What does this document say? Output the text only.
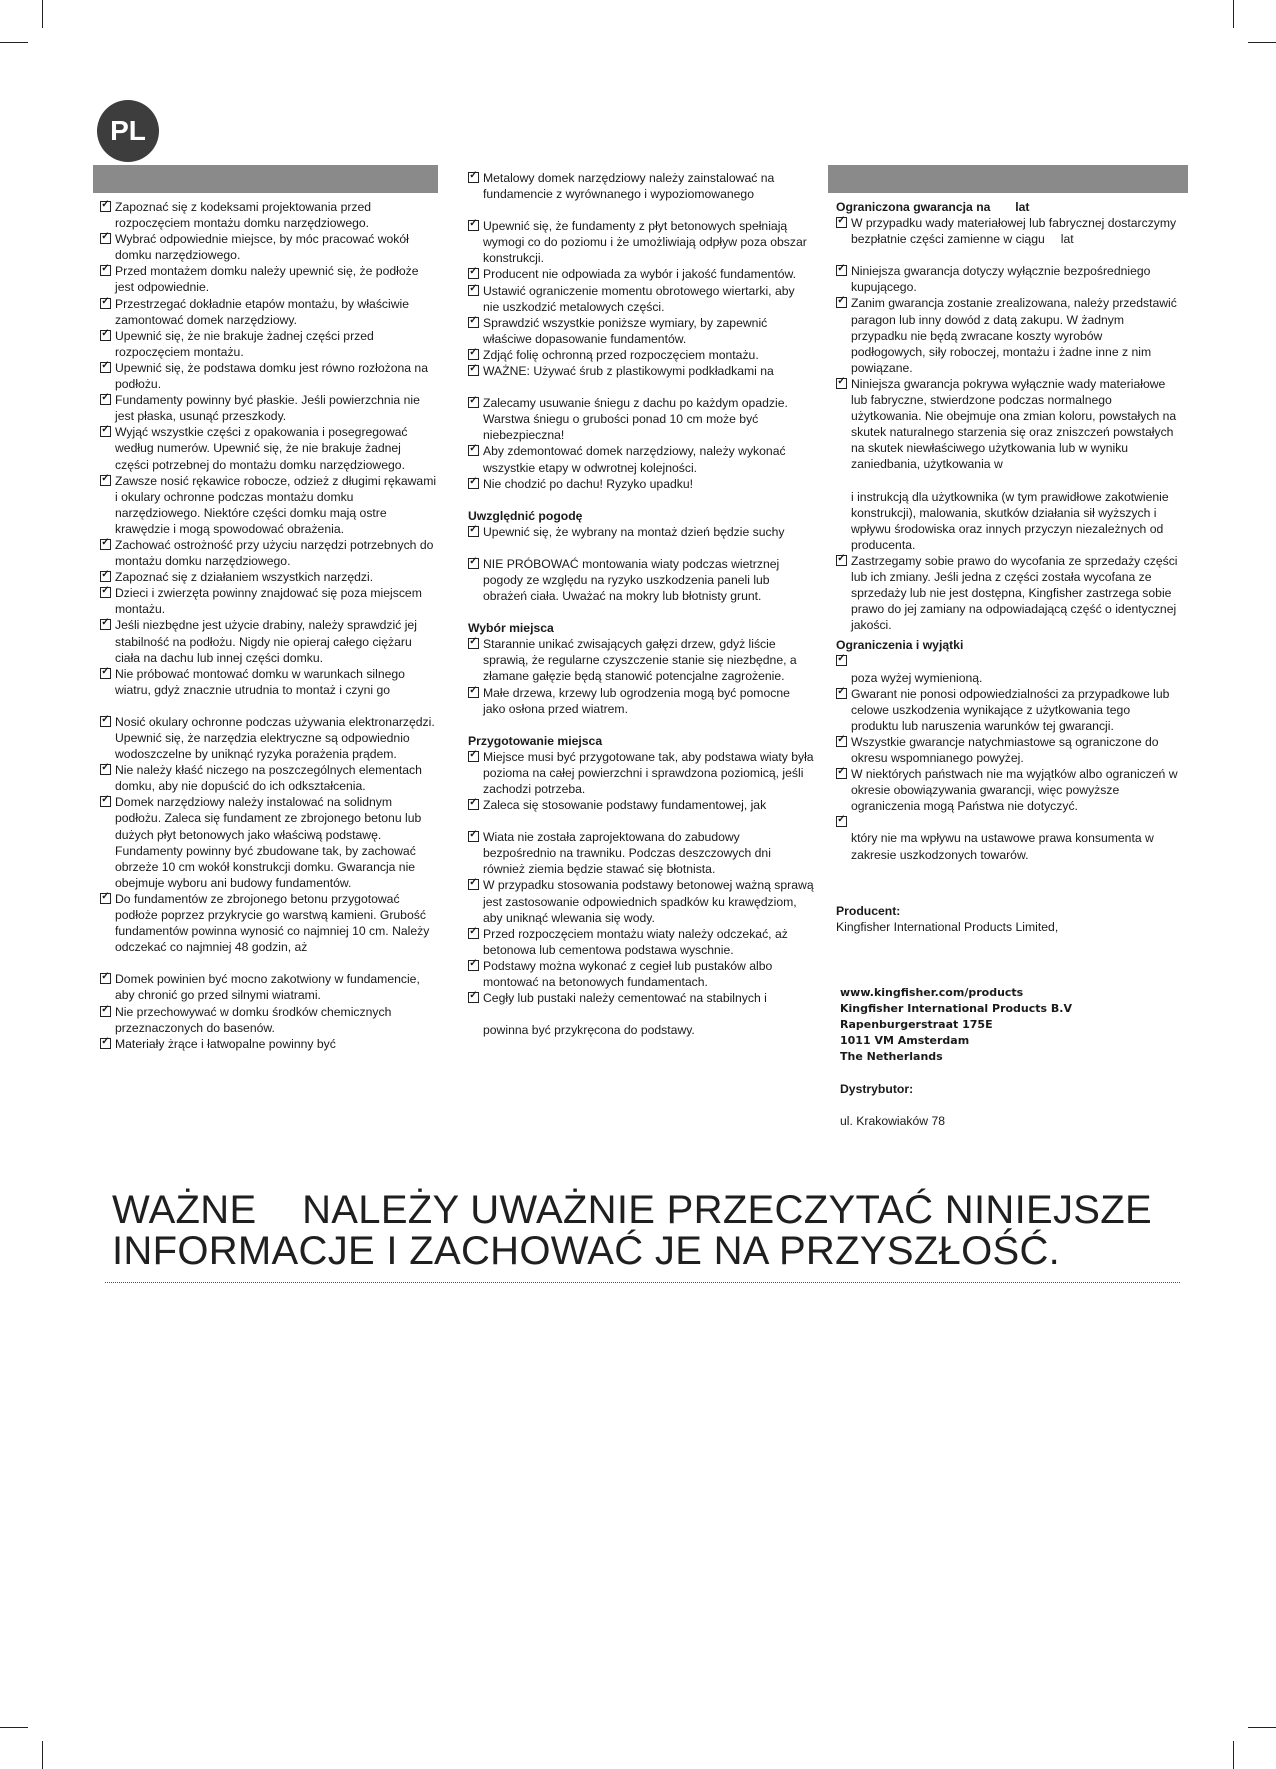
PL
✓
Zapoznać się z kodeksami projektowania przed rozpoczęciem montażu domku narzędziowego.
✓
Wybrać odpowiednie miejsce, by móc pracować wokół domku narzędziowego.
✓
Przed montażem domku należy upewnić się, że podłoże jest odpowiednie.
✓
Przestrzegać dokładnie etapów montażu, by właściwie zamontować domek narzędziowy.
✓
Upewnić się, że nie brakuje żadnej części przed rozpoczęciem montażu.
✓
Upewnić się, że podstawa domku jest równo rozłożona na podłożu.
✓
Fundamenty powinny być płaskie. Jeśli powierzchnia nie jest płaska, usunąć przeszkody.
✓
Wyjąć wszystkie części z opakowania i posegregować według numerów. Upewnić się, że nie brakuje żadnej części potrzebnej do montażu domku narzędziowego.
✓
Zawsze nosić rękawice robocze, odzież z długimi rękawami i okulary ochronne podczas montażu domku narzędziowego. Niektóre części domku mają ostre krawędzie i mogą spowodować obrażenia.
✓
Zachować ostrożność przy użyciu narzędzi potrzebnych do montażu domku narzędziowego.
✓
Zapoznać się z działaniem wszystkich narzędzi.
✓
Dzieci i zwierzęta powinny znajdować się poza miejscem montażu.
✓
Jeśli niezbędne jest użycie drabiny, należy sprawdzić jej stabilność na podłożu. Nigdy nie opieraj całego ciężaru ciała na dachu lub innej części domku.
✓
Nie próbować montować domku w warunkach silnego wiatru, gdyż znacznie utrudnia to montaż i czyni go
✓
Nosić okulary ochronne podczas używania elektronarzędzi. Upewnić się, że narzędzia elektryczne są odpowiednio wodoszczelne by uniknąć ryzyka porażenia prądem.
✓
Nie należy kłaść niczego na poszczególnych elementach domku, aby nie dopuścić do ich odkształcenia.
✓
Domek narzędziowy należy instalować na solidnym podłożu. Zaleca się fundament ze zbrojonego betonu lub dużych płyt betonowych jako właściwą podstawę. Fundamenty powinny być zbudowane tak, by zachować obrzeże 10 cm wokół konstrukcji domku. Gwarancja nie obejmuje wyboru ani budowy fundamentów.
✓
Do fundamentów ze zbrojonego betonu przygotować podłoże poprzez przykrycie go warstwą kamieni. Grubość fundamentów powinna wynosić co najmniej 10 cm. Należy odczekać co najmniej 48 godzin, aż
✓
Domek powinien być mocno zakotwiony w fundamencie, aby chronić go przed silnymi wiatrami.
✓
Nie przechowywać w domku środków chemicznych przeznaczonych do basenów.
✓
Materiały żrące i łatwopalne powinny być
✓
Metalowy domek narzędziowy należy zainstalować na fundamencie z wyrównanego i wypoziomowanego
✓
Upewnić się, że fundamenty z płyt betonowych spełniają wymogi co do poziomu i że umożliwiają odpływ poza obszar konstrukcji.
✓
Producent nie odpowiada za wybór i jakość fundamentów.
✓
Ustawić ograniczenie momentu obrotowego wiertarki, aby nie uszkodzić metalowych części.
✓
Sprawdzić wszystkie poniższe wymiary, by zapewnić właściwe dopasowanie fundamentów.
✓
Zdjąć folię ochronną przed rozpoczęciem montażu.
✓
WAŻNE: Używać śrub z plastikowymi podkładkami na
✓
Zalecamy usuwanie śniegu z dachu po każdym opadzie. Warstwa śniegu o grubości ponad 10 cm może być niebezpieczna!
✓
Aby zdemontować domek narzędziowy, należy wykonać wszystkie etapy w odwrotnej kolejności.
✓
Nie chodzić po dachu! Ryzyko upadku!

Uwzględnić pogodę

✓
Upewnić się, że wybrany na montaż dzień będzie suchy
✓
NIE PRÓBOWAĆ montowania wiaty podczas wietrznej pogody ze względu na ryzyko uszkodzenia paneli lub obrażeń ciała. Uważać na mokry lub błotnisty grunt.

Wybór miejsca

✓
Starannie unikać zwisających gałęzi drzew, gdyż liście sprawią, że regularne czyszczenie stanie się niezbędne, a złamane gałęzie będą stanowić potencjalne zagrożenie.
✓
Małe drzewa, krzewy lub ogrodzenia mogą być pomocne jako osłona przed wiatrem.

Przygotowanie miejsca

✓
Miejsce musi być przygotowane tak, aby podstawa wiaty była pozioma na całej powierzchni i sprawdzona poziomicą, jeśli zachodzi potrzeba.
✓
Zaleca się stosowanie podstawy fundamentowej, jak
✓
Wiata nie została zaprojektowana do zabudowy bezpośrednio na trawniku. Podczas deszczowych dni również ziemia będzie stawać się błotnista.
✓
W przypadku stosowania podstawy betonowej ważną sprawą jest zastosowanie odpowiednich spadków ku krawędziom, aby uniknąć wlewania się wody.
✓
Przed rozpoczęciem montażu wiaty należy odczekać, aż betonowa lub cementowa podstawa wyschnie.
✓
Podstawy można wykonać z cegieł lub pustaków albo montować na betonowych fundamentach.
✓
Cegły lub pustaki należy cementować na stabilnych i

powinna być przykręcona do podstawy.

Ograniczona gwarancja na lat

✓
W przypadku wady materiałowej lub fabrycznej dostarczymy bezpłatnie części zamienne w ciągu lat
✓
Niniejsza gwarancja dotyczy wyłącznie bezpośredniego kupującego.
✓
Zanim gwarancja zostanie zrealizowana, należy przedstawić paragon lub inny dowód z datą zakupu. W żadnym przypadku nie będą zwracane koszty wyrobów podłogowych, siły roboczej, montażu i żadne inne z nim powiązane.
✓
Niniejsza gwarancja pokrywa wyłącznie wady materiałowe lub fabryczne, stwierdzone podczas normalnego użytkowania. Nie obejmuje ona zmian koloru, powstałych na skutek naturalnego starzenia się oraz zniszczeń powstałych na skutek niewłaściwego użytkowania lub w wyniku zaniedbania, użytkowania w

i instrukcją dla użytkownika (w tym prawidłowe zakotwienie konstrukcji), malowania, skutków działania sił wyższych i wpływu środowiska oraz innych przyczyn niezależnych od producenta.

✓
Zastrzegamy sobie prawo do wycofania ze sprzedaży części lub ich zmiany. Jeśli jedna z części została wycofana ze sprzedaży lub nie jest dostępna, Kingfisher zastrzega sobie prawo do jej zamiany na odpowiadającą część o identycznej jakości.

Ograniczenia i wyjątki

✓

poza wyżej wymienioną.

✓
Gwarant nie ponosi odpowiedzialności za przypadkowe lub celowe uszkodzenia wynikające z użytkowania tego produktu lub naruszenia warunków tej gwarancji.
✓
Wszystkie gwarancje natychmiastowe są ograniczone do okresu wspomnianego powyżej.
✓
W niektórych państwach nie ma wyjątków albo ograniczeń w okresie obowiązywania gwarancji, więc powyższe ograniczenia mogą Państwa nie dotyczyć.
✓

który nie ma wpływu na ustawowe prawa konsumenta w zakresie uszkodzonych towarów.

Producent:

Kingfisher International Products Limited,

www.kingfisher.com/products

Kingfisher International Products B.V

Rapenburgerstraat 175E

1011 VM Amsterdam

The Netherlands

Dystrybutor:

ul. Krakowiaków 78

WAŻNE    NALEŻY UWAŻNIE PRZECZYTAĆ NINIEJSZE
INFORMACJE I ZACHOWAĆ JE NA PRZYSZŁOŚĆ.
